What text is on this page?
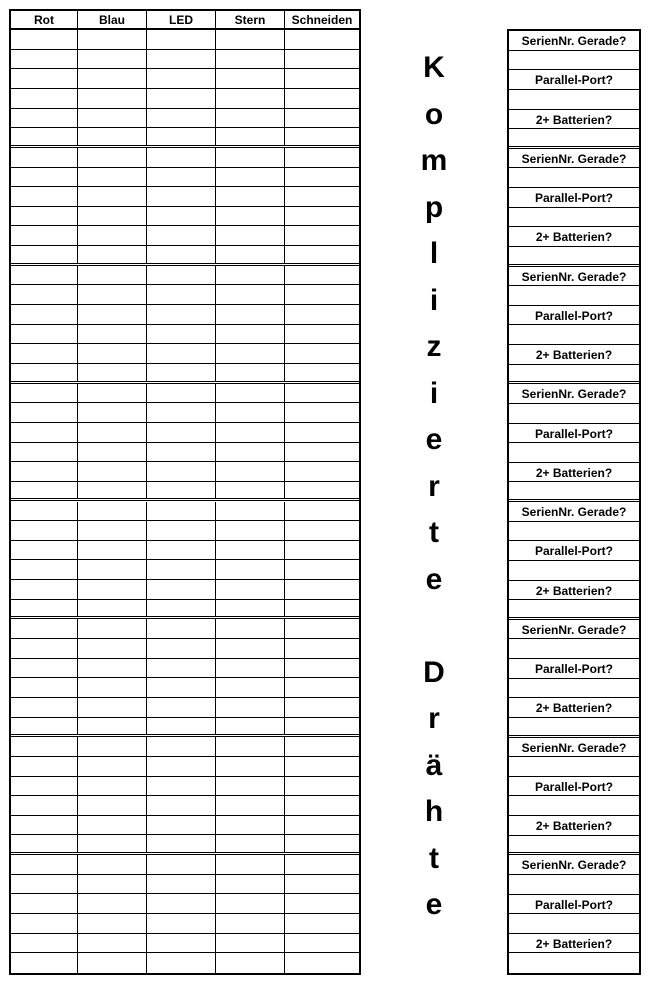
Rot	Blau	LED	Stern	Schneiden
K
o
m
p
l
i
z
i
e
r
t
e
D
r
ä
h
t
e
SerienNr. Gerade?
Parallel-Port?
2+ Batterien?
SerienNr. Gerade?
Parallel-Port?
2+ Batterien?
SerienNr. Gerade?
Parallel-Port?
2+ Batterien?
SerienNr. Gerade?
Parallel-Port?
2+ Batterien?
SerienNr. Gerade?
Parallel-Port?
2+ Batterien?
SerienNr. Gerade?
Parallel-Port?
2+ Batterien?
SerienNr. Gerade?
Parallel-Port?
2+ Batterien?
SerienNr. Gerade?
Parallel-Port?
2+ Batterien?
